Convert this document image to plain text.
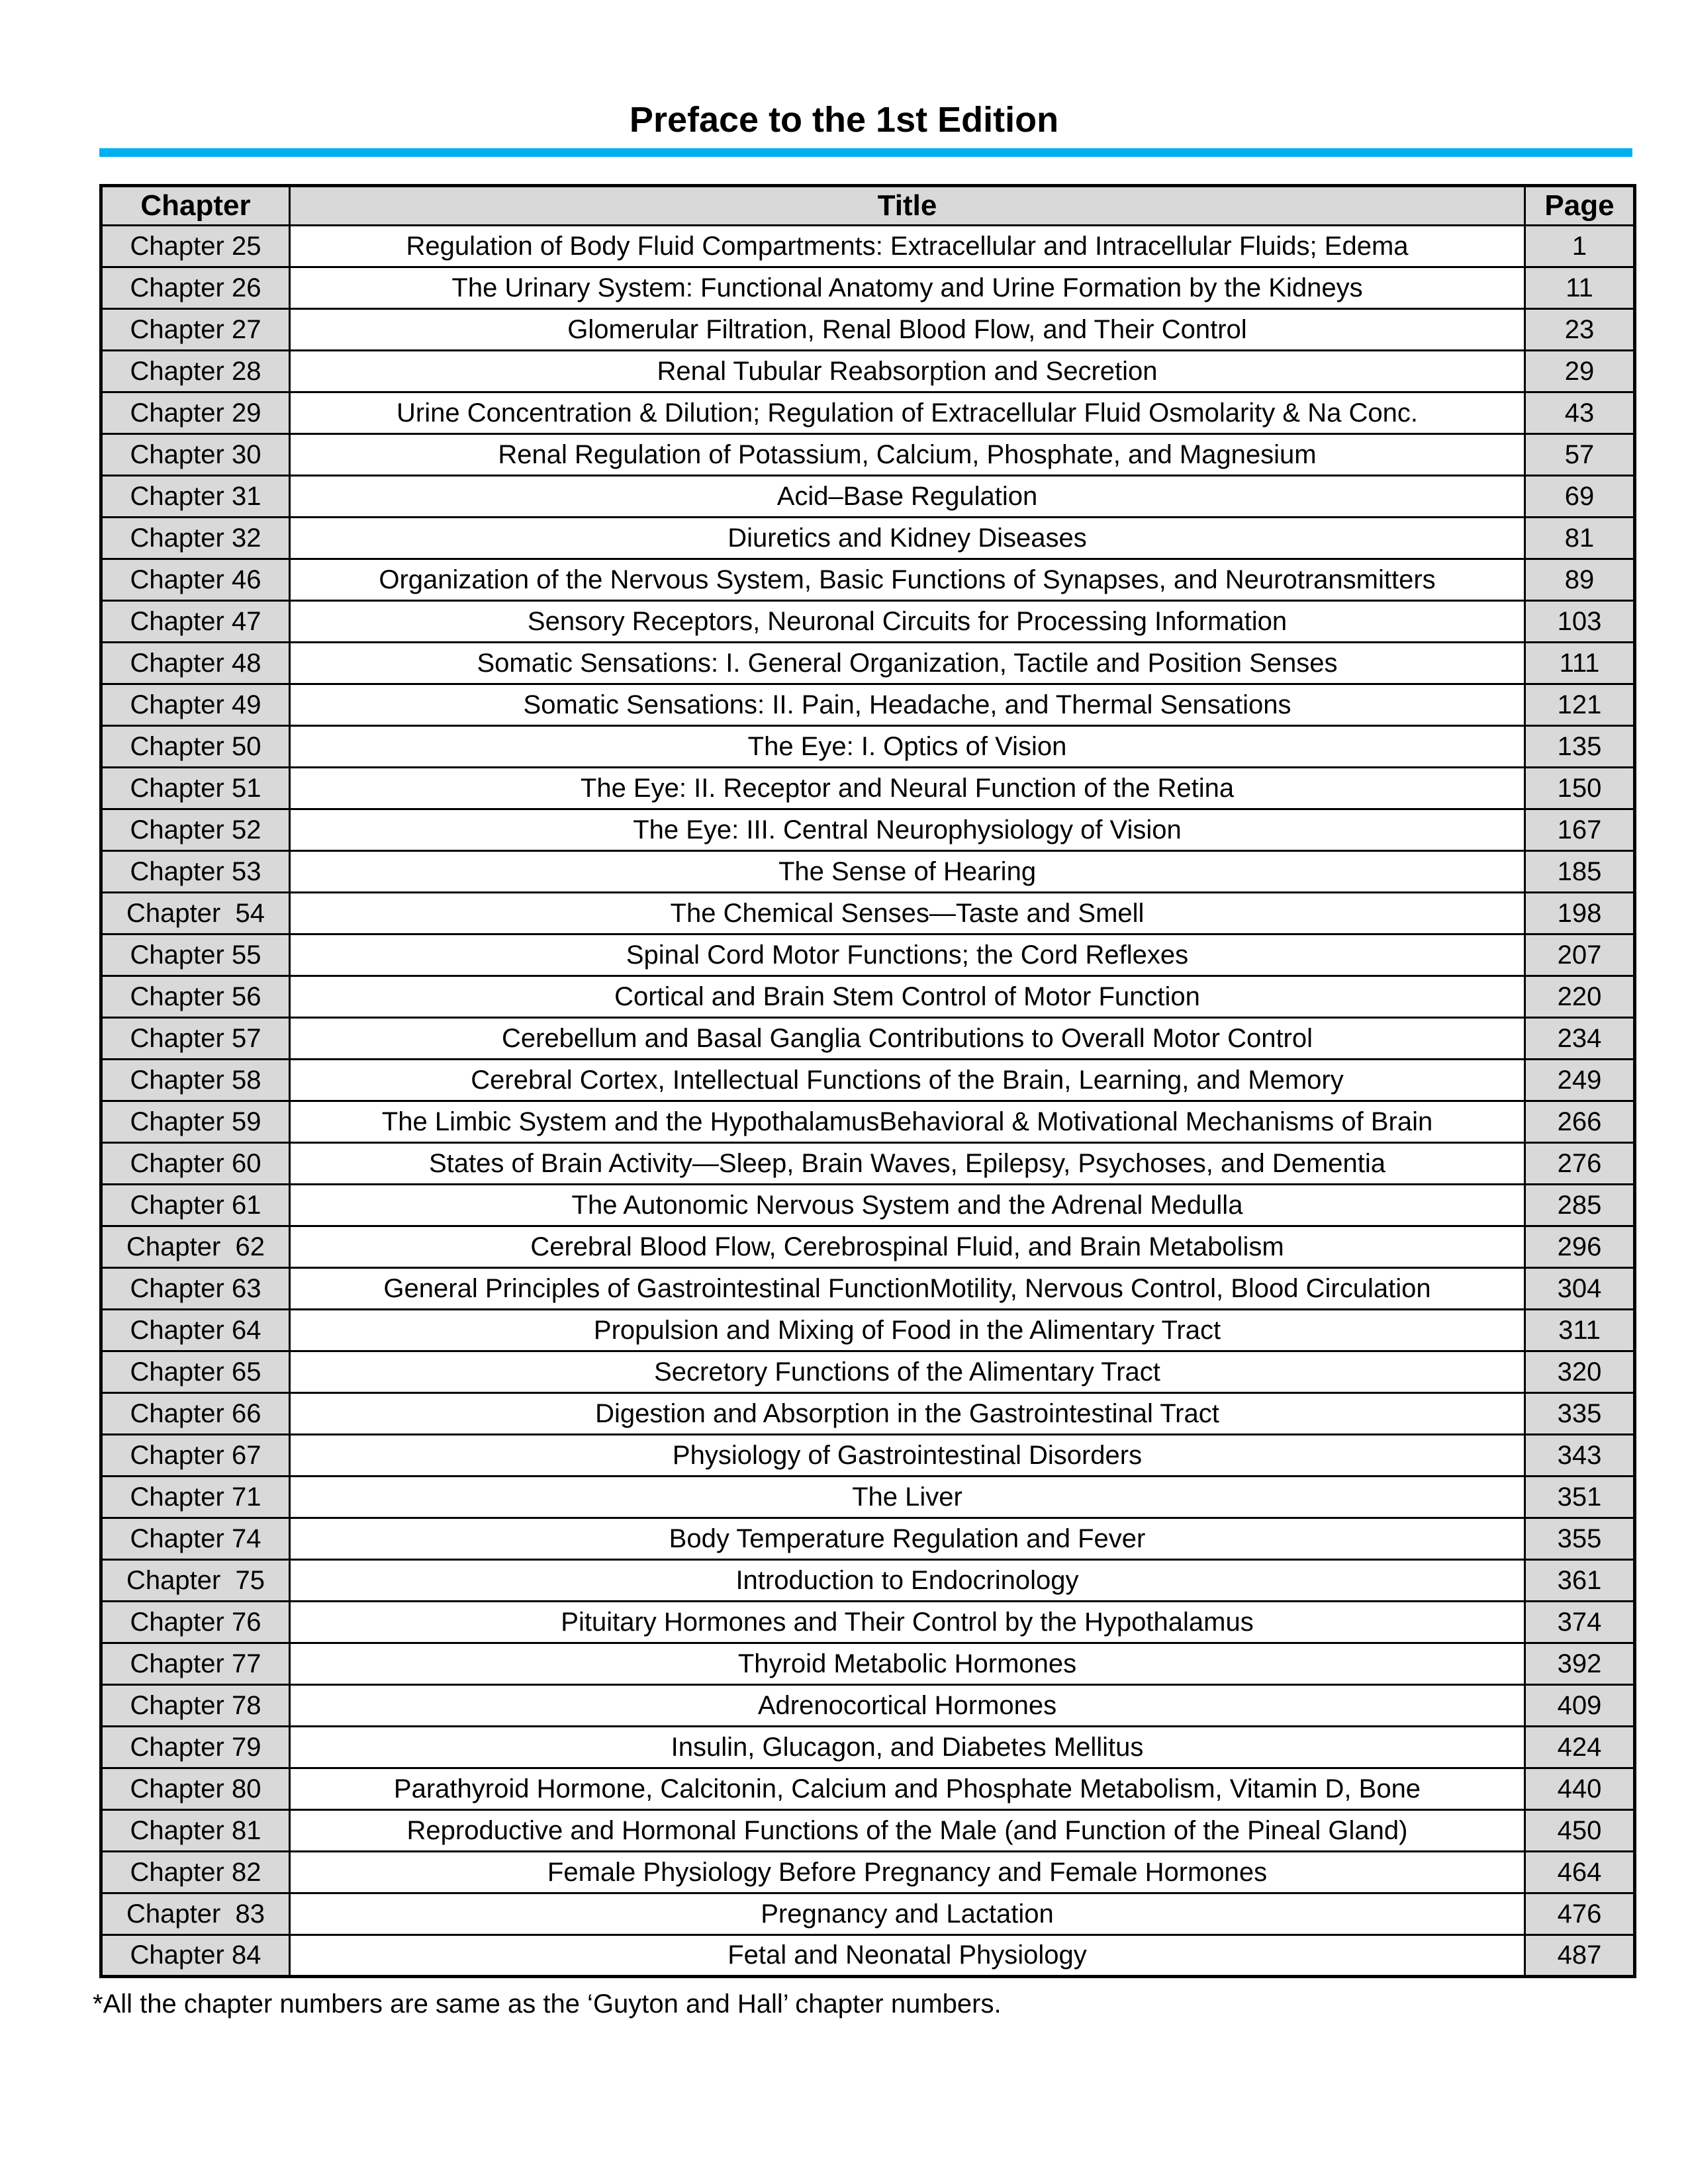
Preface to the 1st Edition
Chapter	Title	Page
Chapter 25	Regulation of Body Fluid Compartments: Extracellular and Intracellular Fluids; Edema	1
Chapter 26	The Urinary System: Functional Anatomy and Urine Formation by the Kidneys	11
Chapter 27	Glomerular Filtration, Renal Blood Flow, and Their Control	23
Chapter 28	Renal Tubular Reabsorption and Secretion	29
Chapter 29	Urine Concentration & Dilution; Regulation of Extracellular Fluid Osmolarity & Na Conc.	43
Chapter 30	Renal Regulation of Potassium, Calcium, Phosphate, and Magnesium	57
Chapter 31	Acid–Base Regulation	69
Chapter 32	Diuretics and Kidney Diseases	81
Chapter 46	Organization of the Nervous System, Basic Functions of Synapses, and Neurotransmitters	89
Chapter 47	Sensory Receptors, Neuronal Circuits for Processing Information	103
Chapter 48	Somatic Sensations: I. General Organization, Tactile and Position Senses	111
Chapter 49	Somatic Sensations: II. Pain, Headache, and Thermal Sensations	121
Chapter 50	The Eye: I. Optics of Vision	135
Chapter 51	The Eye: II. Receptor and Neural Function of the Retina	150
Chapter 52	The Eye: III. Central Neurophysiology of Vision	167
Chapter 53	The Sense of Hearing	185
Chapter  54	The Chemical Senses—Taste and Smell	198
Chapter 55	Spinal Cord Motor Functions; the Cord Reflexes	207
Chapter 56	Cortical and Brain Stem Control of Motor Function	220
Chapter 57	Cerebellum and Basal Ganglia Contributions to Overall Motor Control	234
Chapter 58	Cerebral Cortex, Intellectual Functions of the Brain, Learning, and Memory	249
Chapter 59	The Limbic System and the HypothalamusBehavioral & Motivational Mechanisms of Brain	266
Chapter 60	States of Brain Activity—Sleep, Brain Waves, Epilepsy, Psychoses, and Dementia	276
Chapter 61	The Autonomic Nervous System and the Adrenal Medulla	285
Chapter  62	Cerebral Blood Flow, Cerebrospinal Fluid, and Brain Metabolism	296
Chapter 63	General Principles of Gastrointestinal FunctionMotility, Nervous Control, Blood Circulation	304
Chapter 64	Propulsion and Mixing of Food in the Alimentary Tract	311
Chapter 65	Secretory Functions of the Alimentary Tract	320
Chapter 66	Digestion and Absorption in the Gastrointestinal Tract	335
Chapter 67	Physiology of Gastrointestinal Disorders	343
Chapter 71	The Liver	351
Chapter 74	Body Temperature Regulation and Fever	355
Chapter  75	Introduction to Endocrinology	361
Chapter 76	Pituitary Hormones and Their Control by the Hypothalamus	374
Chapter 77	Thyroid Metabolic Hormones	392
Chapter 78	Adrenocortical Hormones	409
Chapter 79	Insulin, Glucagon, and Diabetes Mellitus	424
Chapter 80	Parathyroid Hormone, Calcitonin, Calcium and Phosphate Metabolism, Vitamin D, Bone	440
Chapter 81	Reproductive and Hormonal Functions of the Male (and Function of the Pineal Gland)	450
Chapter 82	Female Physiology Before Pregnancy and Female Hormones	464
Chapter  83	Pregnancy and Lactation	476
Chapter 84	Fetal and Neonatal Physiology	487
*All the chapter numbers are same as the ‘Guyton and Hall’ chapter numbers.
